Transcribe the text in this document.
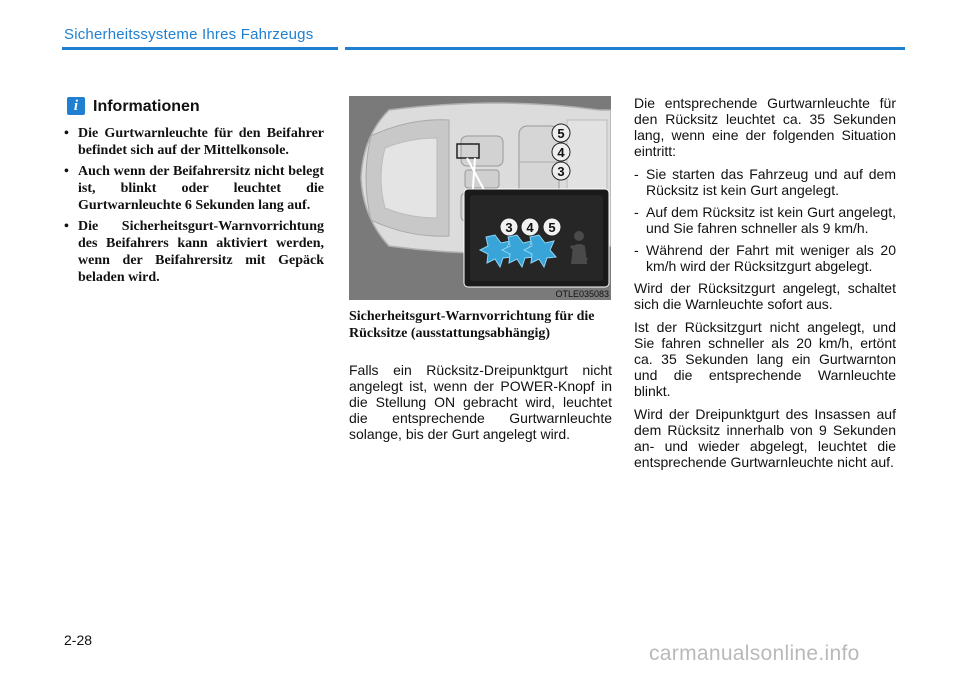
Sicherheitssysteme Ihres Fahrzeugs
i Informationen
• Die Gurtwarnleuchte für den Beifahrer befindet sich auf der Mittelkonsole.
• Auch wenn der Beifahrersitz nicht belegt ist, blinkt oder leuchtet die Gurtwarnleuchte 6 Sekunden lang auf.
• Die Sicherheitsgurt-Warnvorrichtung des Beifahrers kann aktiviert werden, wenn der Beifahrersitz mit Gepäck beladen wird.
5
4
3
3 4 5
OTLE035083
Sicherheitsgurt-Warnvorrichtung für die Rücksitze (ausstattungsabhängig)

Falls ein Rücksitz-Dreipunktgurt nicht angelegt ist, wenn der POWER-Knopf in die Stellung ON gebracht wird, leuchtet die entsprechende Gurtwarnleuchte solange, bis der Gurt angelegt wird.

Die entsprechende Gurtwarnleuchte für den Rücksitz leuchtet ca. 35 Sekunden lang, wenn eine der folgenden Situation eintritt:

- Sie starten das Fahrzeug und auf dem Rücksitz ist kein Gurt angelegt.
- Auf dem Rücksitz ist kein Gurt angelegt, und Sie fahren schneller als 9 km/h.
- Während der Fahrt mit weniger als 20 km/h wird der Rücksitzgurt abgelegt.

Wird der Rücksitzgurt angelegt, schaltet sich die Warnleuchte sofort aus.

Ist der Rücksitzgurt nicht angelegt, und Sie fahren schneller als 20 km/h, ertönt ca. 35 Sekunden lang ein Gurtwarnton und die entsprechende Warnleuchte blinkt.

Wird der Dreipunktgurt des Insassen auf dem Rücksitz innerhalb von 9 Sekunden an- und wieder abgelegt, leuchtet die entsprechende Gurtwarnleuchte nicht auf.

2-28
carmanualsonline.info
